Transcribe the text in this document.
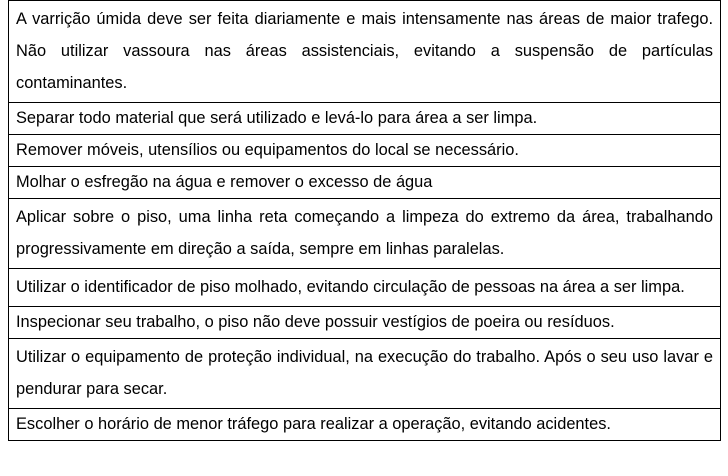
A varrição úmida deve ser feita diariamente e mais intensamente nas áreas de maior trafego. Não utilizar vassoura nas áreas assistenciais, evitando a suspensão de partículas contaminantes.
Separar todo material que será utilizado e levá-lo para área a ser limpa.
Remover móveis, utensílios ou equipamentos do local se necessário.
Molhar o esfregão na água e remover o excesso de água
Aplicar sobre o piso, uma linha reta começando a limpeza do extremo da área, trabalhando progressivamente em direção a saída, sempre em linhas paralelas.
Utilizar o identificador de piso molhado, evitando circulação de pessoas na área a ser limpa.
Inspecionar seu trabalho, o piso não deve possuir vestígios de poeira ou resíduos.
Utilizar o equipamento de proteção individual, na execução do trabalho. Após o seu uso lavar e pendurar para secar.
Escolher o horário de menor tráfego para realizar a operação, evitando acidentes.
